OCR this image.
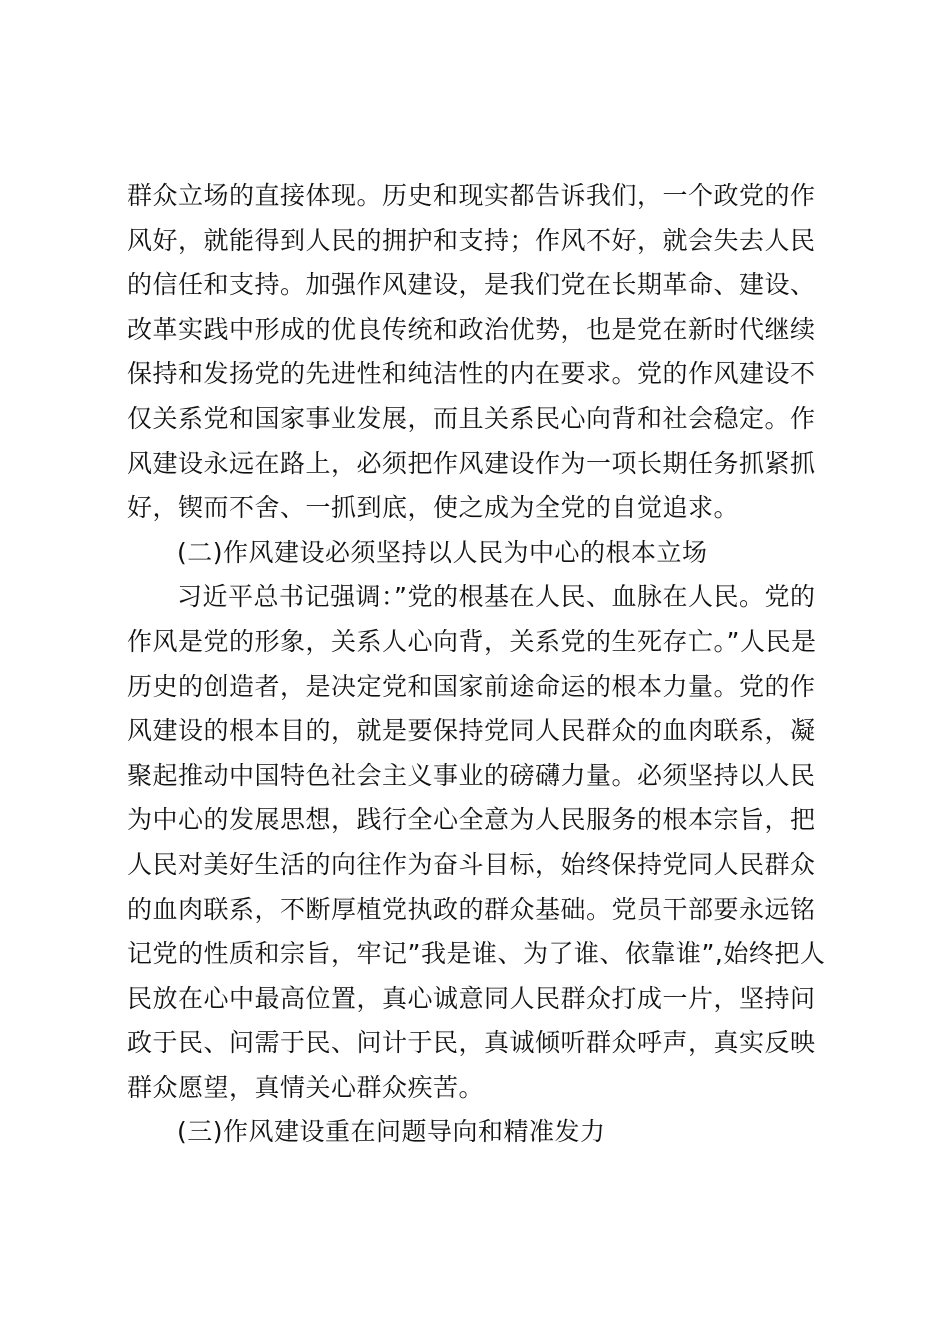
群众立场的直接体现。历史和现实都告诉我们，一个政党的作
风好，就能得到人民的拥护和支持；作风不好，就会失去人民
的信任和支持。加强作风建设，是我们党在长期革命、建设、
改革实践中形成的优良传统和政治优势，也是党在新时代继续
保持和发扬党的先进性和纯洁性的内在要求。党的作风建设不
仅关系党和国家事业发展，而且关系民心向背和社会稳定。作
风建设永远在路上，必须把作风建设作为一项长期任务抓紧抓
好，锲而不舍、一抓到底，使之成为全党的自觉追求。
(二)作风建设必须坚持以人民为中心的根本立场
习近平总书记强调：”党的根基在人民、血脉在人民。党的
作风是党的形象，关系人心向背，关系党的生死存亡。”人民是
历史的创造者，是决定党和国家前途命运的根本力量。党的作
风建设的根本目的，就是要保持党同人民群众的血肉联系，凝
聚起推动中国特色社会主义事业的磅礴力量。必须坚持以人民
为中心的发展思想，践行全心全意为人民服务的根本宗旨，把
人民对美好生活的向往作为奋斗目标，始终保持党同人民群众
的血肉联系，不断厚植党执政的群众基础。党员干部要永远铭
记党的性质和宗旨，牢记”我是谁、为了谁、依靠谁”,始终把人
民放在心中最高位置，真心诚意同人民群众打成一片，坚持问
政于民、问需于民、问计于民，真诚倾听群众呼声，真实反映
群众愿望，真情关心群众疾苦。
(三)作风建设重在问题导向和精准发力
